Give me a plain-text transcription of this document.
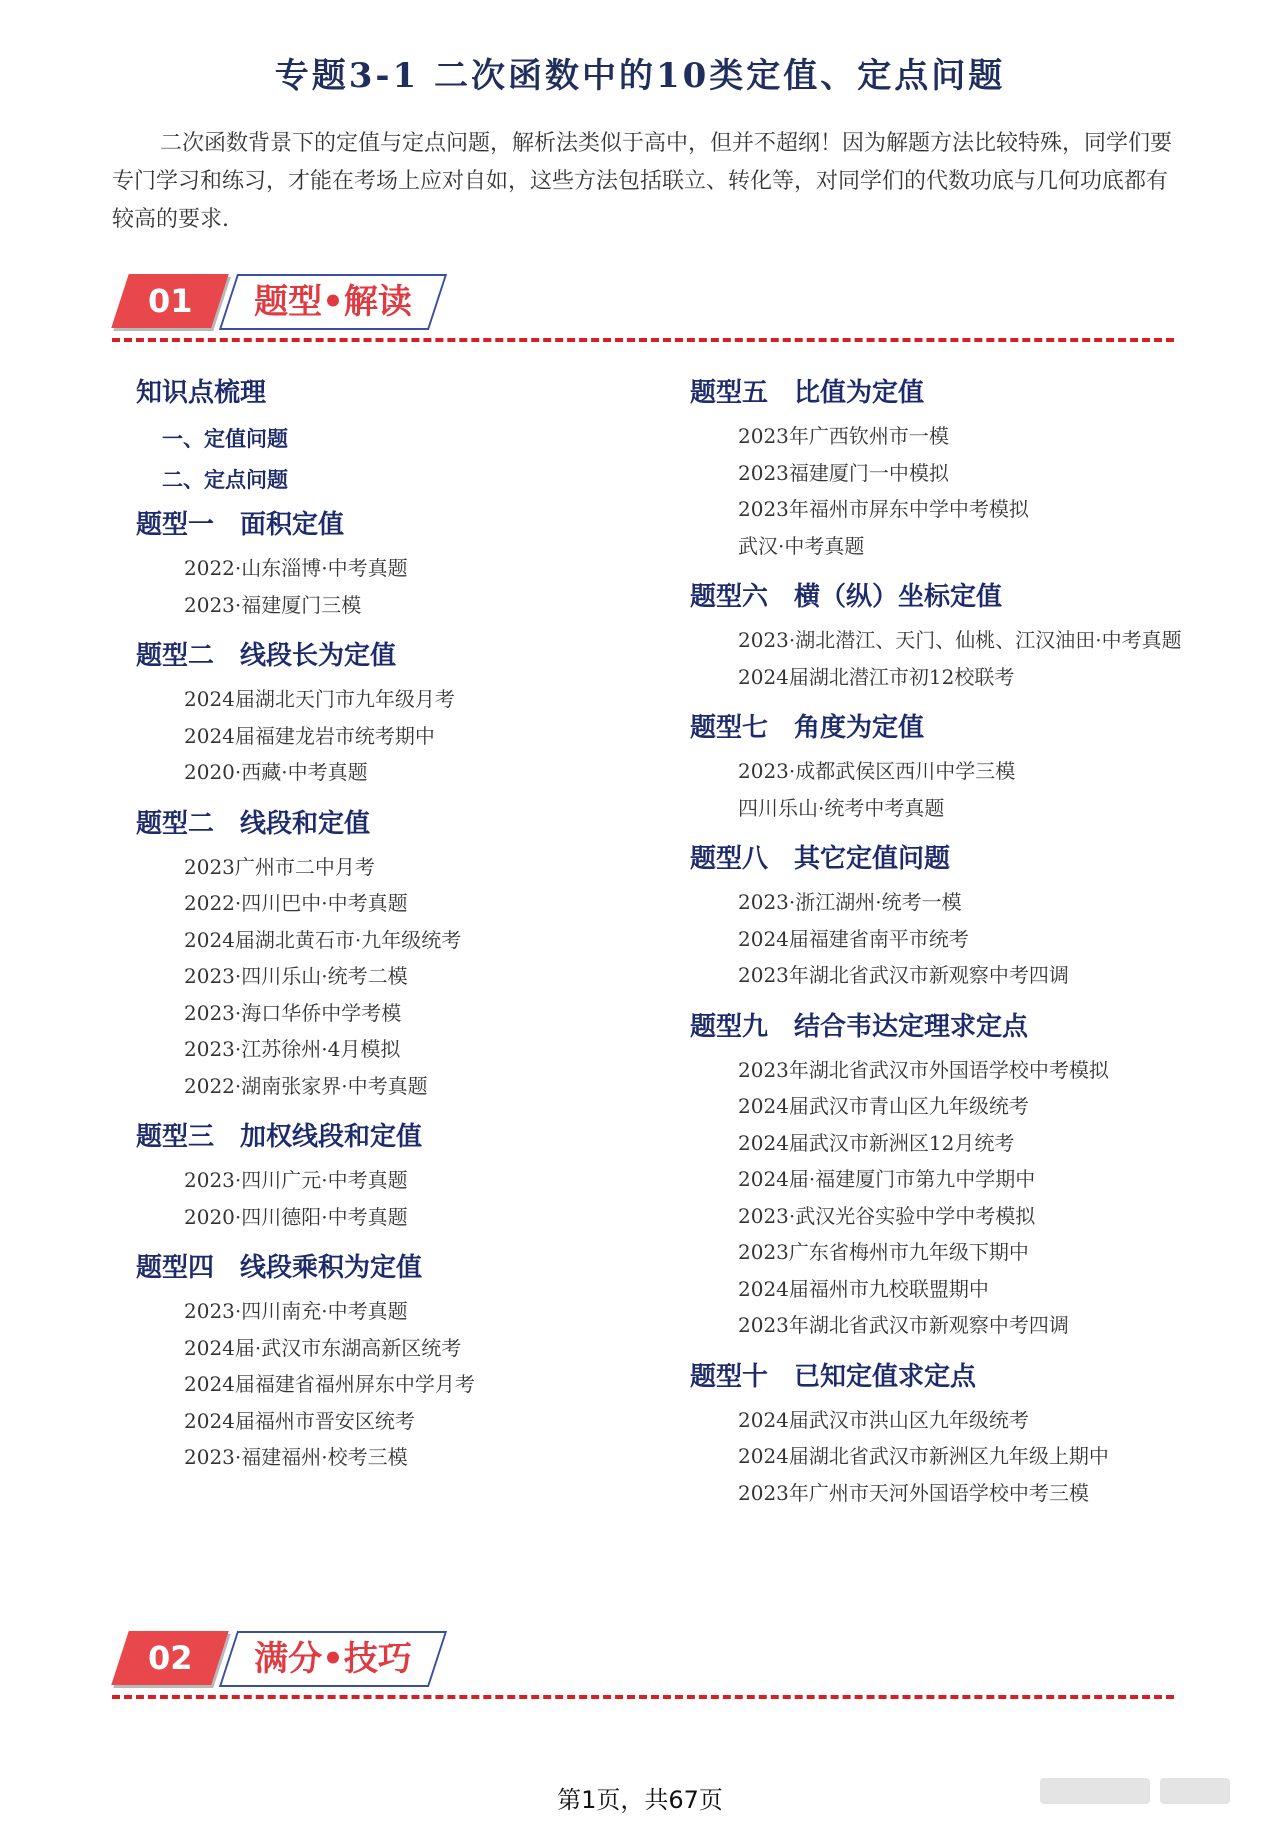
专题3-1 二次函数中的10类定值、定点问题
二次函数背景下的定值与定点问题，解析法类似于高中，但并不超纲！因为解题方法比较特殊，同学们要专门学习和练习，才能在考场上应对自如，这些方法包括联立、转化等，对同学们的代数功底与几何功底都有较高的要求.
01	题型•解读
知识点梳理
一、定值问题
二、定点问题
题型一　面积定值
2022·山东淄博·中考真题
2023·福建厦门三模
题型二　线段长为定值
2024届湖北天门市九年级月考
2024届福建龙岩市统考期中
2020·西藏·中考真题
题型二　线段和定值
2023广州市二中月考
2022·四川巴中·中考真题
2024届湖北黄石市·九年级统考
2023·四川乐山·统考二模
2023·海口华侨中学考模
2023·江苏徐州·4月模拟
2022·湖南张家界·中考真题
题型三　加权线段和定值
2023·四川广元·中考真题
2020·四川德阳·中考真题
题型四　线段乘积为定值
2023·四川南充·中考真题
2024届·武汉市东湖高新区统考
2024届福建省福州屏东中学月考
2024届福州市晋安区统考
2023·福建福州·校考三模
题型五　比值为定值
2023年广西钦州市一模
2023福建厦门一中模拟
2023年福州市屏东中学中考模拟
武汉·中考真题
题型六　横（纵）坐标定值
2023·湖北潜江、天门、仙桃、江汉油田·中考真题
2024届湖北潜江市初12校联考
题型七　角度为定值
2023·成都武侯区西川中学三模
四川乐山·统考中考真题
题型八　其它定值问题
2023·浙江湖州·统考一模
2024届福建省南平市统考
2023年湖北省武汉市新观察中考四调
题型九　结合韦达定理求定点
2023年湖北省武汉市外国语学校中考模拟
2024届武汉市青山区九年级统考
2024届武汉市新洲区12月统考
2024届·福建厦门市第九中学期中
2023·武汉光谷实验中学中考模拟
2023广东省梅州市九年级下期中
2024届福州市九校联盟期中
2023年湖北省武汉市新观察中考四调
题型十　已知定值求定点
2024届武汉市洪山区九年级统考
2024届湖北省武汉市新洲区九年级上期中
2023年广州市天河外国语学校中考三模
02	满分•技巧
第1页，共67页
